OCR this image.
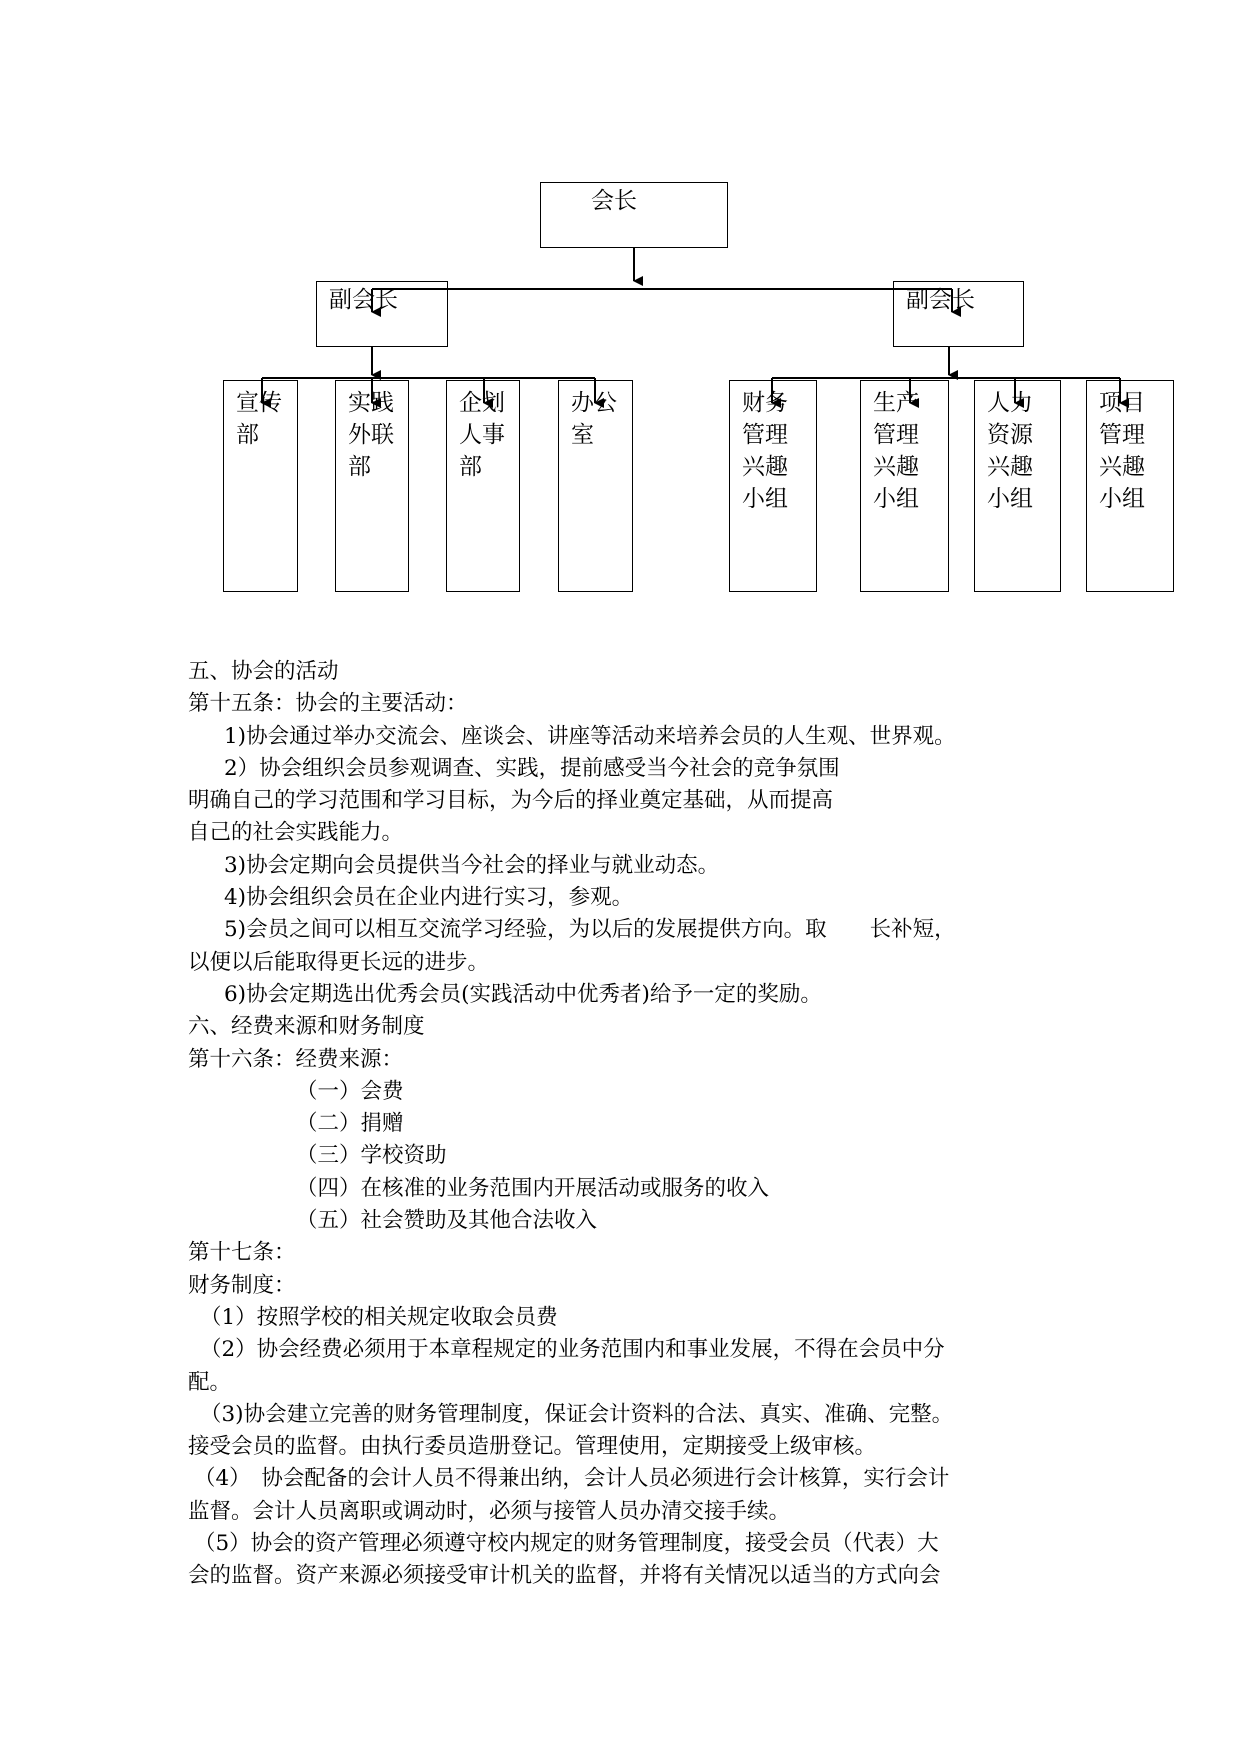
会长
副会长	副会长
宣传部
实践外联部
企划人事部
办公室
财务管理兴趣小组
生产管理兴趣小组
人力资源兴趣小组
项目管理兴趣小组

五、协会的活动

第十五条：协会的主要活动：

1)协会通过举办交流会、座谈会、讲座等活动来培养会员的人生观、世界观。

2）协会组织会员参观调查、实践，提前感受当今社会的竞争氛围

明确自己的学习范围和学习目标，为今后的择业奠定基础，从而提高

自己的社会实践能力。

3)协会定期向会员提供当今社会的择业与就业动态。

4)协会组织会员在企业内进行实习，参观。

5)会员之间可以相互交流学习经验，为以后的发展提供方向。取　　长补短，

以便以后能取得更长远的进步。

6)协会定期选出优秀会员(实践活动中优秀者)给予一定的奖励。

六、经费来源和财务制度

第十六条：经费来源：

（一）会费

（二）捐赠

（三）学校资助

（四）在核准的业务范围内开展活动或服务的收入

（五）社会赞助及其他合法收入

第十七条：

财务制度：

（1）按照学校的相关规定收取会员费

（2）协会经费必须用于本章程规定的业务范围内和事业发展，不得在会员中分

配。

（3)协会建立完善的财务管理制度，保证会计资料的合法、真实、准确、完整。

接受会员的监督。由执行委员造册登记。管理使用，定期接受上级审核。

（4）　协会配备的会计人员不得兼出纳，会计人员必须进行会计核算，实行会计

监督。会计人员离职或调动时，必须与接管人员办清交接手续。

（5）协会的资产管理必须遵守校内规定的财务管理制度，接受会员（代表）大

会的监督。资产来源必须接受审计机关的监督，并将有关情况以适当的方式向会
